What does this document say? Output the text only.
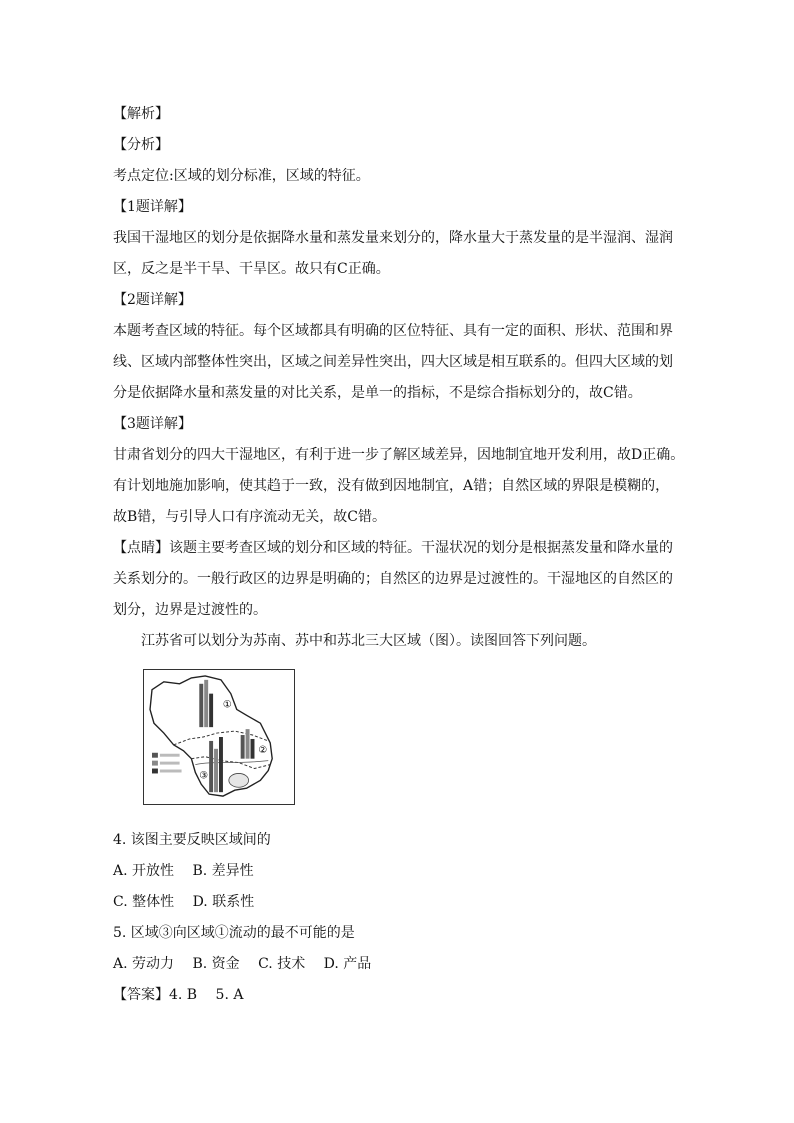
【解析】
【分析】
考点定位:区域的划分标准，区域的特征。
【1题详解】
我国干湿地区的划分是依据降水量和蒸发量来划分的，降水量大于蒸发量的是半湿润、湿润
区，反之是半干旱、干旱区。故只有C正确。
【2题详解】
本题考查区域的特征。每个区域都具有明确的区位特征、具有一定的面积、形状、范围和界
线、区域内部整体性突出，区域之间差异性突出，四大区域是相互联系的。但四大区域的划
分是依据降水量和蒸发量的对比关系，是单一的指标，不是综合指标划分的，故C错。
【3题详解】
甘肃省划分的四大干湿地区，有利于进一步了解区域差异，因地制宜地开发利用，故D正确。
有计划地施加影响，使其趋于一致，没有做到因地制宜，A错；自然区域的界限是模糊的，
故B错，与引导人口有序流动无关，故C错。
【点睛】该题主要考查区域的划分和区域的特征。干湿状况的划分是根据蒸发量和降水量的
关系划分的。一般行政区的边界是明确的；自然区的边界是过渡性的。干湿地区的自然区的
划分，边界是过渡性的。
江苏省可以划分为苏南、苏中和苏北三大区域（图）。读图回答下列问题。
4. 该图主要反映区域间的
A. 开放性　 B. 差异性
C. 整体性　 D. 联系性
5. 区域③向区域①流动的最不可能的是
A. 劳动力　 B. 资金　 C. 技术　 D. 产品
【答案】4. B　 5. A
①
②
③
